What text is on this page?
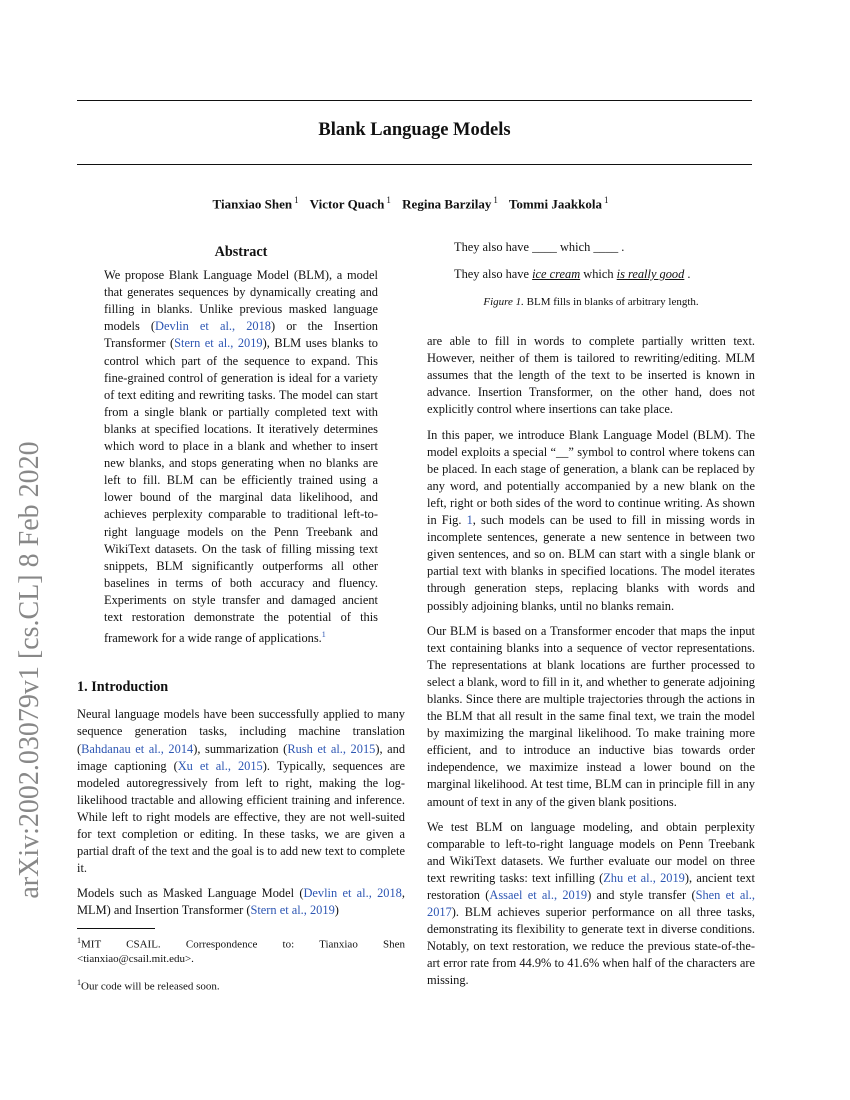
Blank Language Models
Tianxiao Shen $^1$ Victor Quach $^1$ Regina Barzilay $^1$ Tommi Jaakkola $^1$
arXiv:2002.03079v1 [cs.CL] 8 Feb 2020
Abstract
We propose Blank Language Model (BLM), a model that generates sequences by dynamically creating and filling in blanks. Unlike previous masked language models (Devlin et al., 2018) or the Insertion Transformer (Stern et al., 2019), BLM uses blanks to control which part of the sequence to expand. This fine-grained control of generation is ideal for a variety of text editing and rewriting tasks. The model can start from a single blank or partially completed text with blanks at specified locations. It iteratively determines which word to place in a blank and whether to insert new blanks, and stops generating when no blanks are left to fill. BLM can be efficiently trained using a lower bound of the marginal data likelihood, and achieves perplexity comparable to traditional left-to-right language models on the Penn Treebank and WikiText datasets. On the task of filling missing text snippets, BLM significantly outperforms all other baselines in terms of both accuracy and fluency. Experiments on style transfer and damaged ancient text restoration demonstrate the potential of this framework for a wide range of applications.$^1$
1. Introduction

Neural language models have been successfully applied to many sequence generation tasks, including machine translation (Bahdanau et al., 2014), summarization (Rush et al., 2015), and image captioning (Xu et al., 2015). Typically, sequences are modeled autoregressively from left to right, making the log-likelihood tractable and allowing efficient training and inference. While left to right models are effective, they are not well-suited for text completion or editing. In these tasks, we are given a partial draft of the text and the goal is to add new text to complete it.

Models such as Masked Language Model (Devlin et al., 2018, MLM) and Insertion Transformer (Stern et al., 2019)

$^1$MIT CSAIL. Correspondence to: Tianxiao Shen <tianxiao@csail.mit.edu>.

$^1$Our code will be released soon.

They also have ____ which ____ .

They also have ice cream which is really good .

Figure 1. BLM fills in blanks of arbitrary length.

are able to fill in words to complete partially written text. However, neither of them is tailored to rewriting/editing. MLM assumes that the length of the text to be inserted is known in advance. Insertion Transformer, on the other hand, does not explicitly control where insertions can take place.

In this paper, we introduce Blank Language Model (BLM). The model exploits a special “__” symbol to control where tokens can be placed. In each stage of generation, a blank can be replaced by any word, and potentially accompanied by a new blank on the left, right or both sides of the word to continue writing. As shown in Fig. 1, such models can be used to fill in missing words in incomplete sentences, generate a new sentence in between two given sentences, and so on. BLM can start with a single blank or partial text with blanks in specified locations. The model iterates through generation steps, replacing blanks with words and possibly adjoining blanks, until no blanks remain.

Our BLM is based on a Transformer encoder that maps the input text containing blanks into a sequence of vector representations. The representations at blank locations are further processed to select a blank, word to fill in it, and whether to generate adjoining blanks. Since there are multiple trajectories through the actions in the BLM that all result in the same final text, we train the model by maximizing the marginal likelihood. To make training more efficient, and to introduce an inductive bias towards order independence, we maximize instead a lower bound on the marginal likelihood. At test time, BLM can in principle fill in any amount of text in any of the given blank positions.

We test BLM on language modeling, and obtain perplexity comparable to left-to-right language models on Penn Treebank and WikiText datasets. We further evaluate our model on three text rewriting tasks: text infilling (Zhu et al., 2019), ancient text restoration (Assael et al., 2019) and style transfer (Shen et al., 2017). BLM achieves superior performance on all three tasks, demonstrating its flexibility to generate text in diverse conditions. Notably, on text restoration, we reduce the previous state-of-the-art error rate from 44.9% to 41.6% when half of the characters are missing.
